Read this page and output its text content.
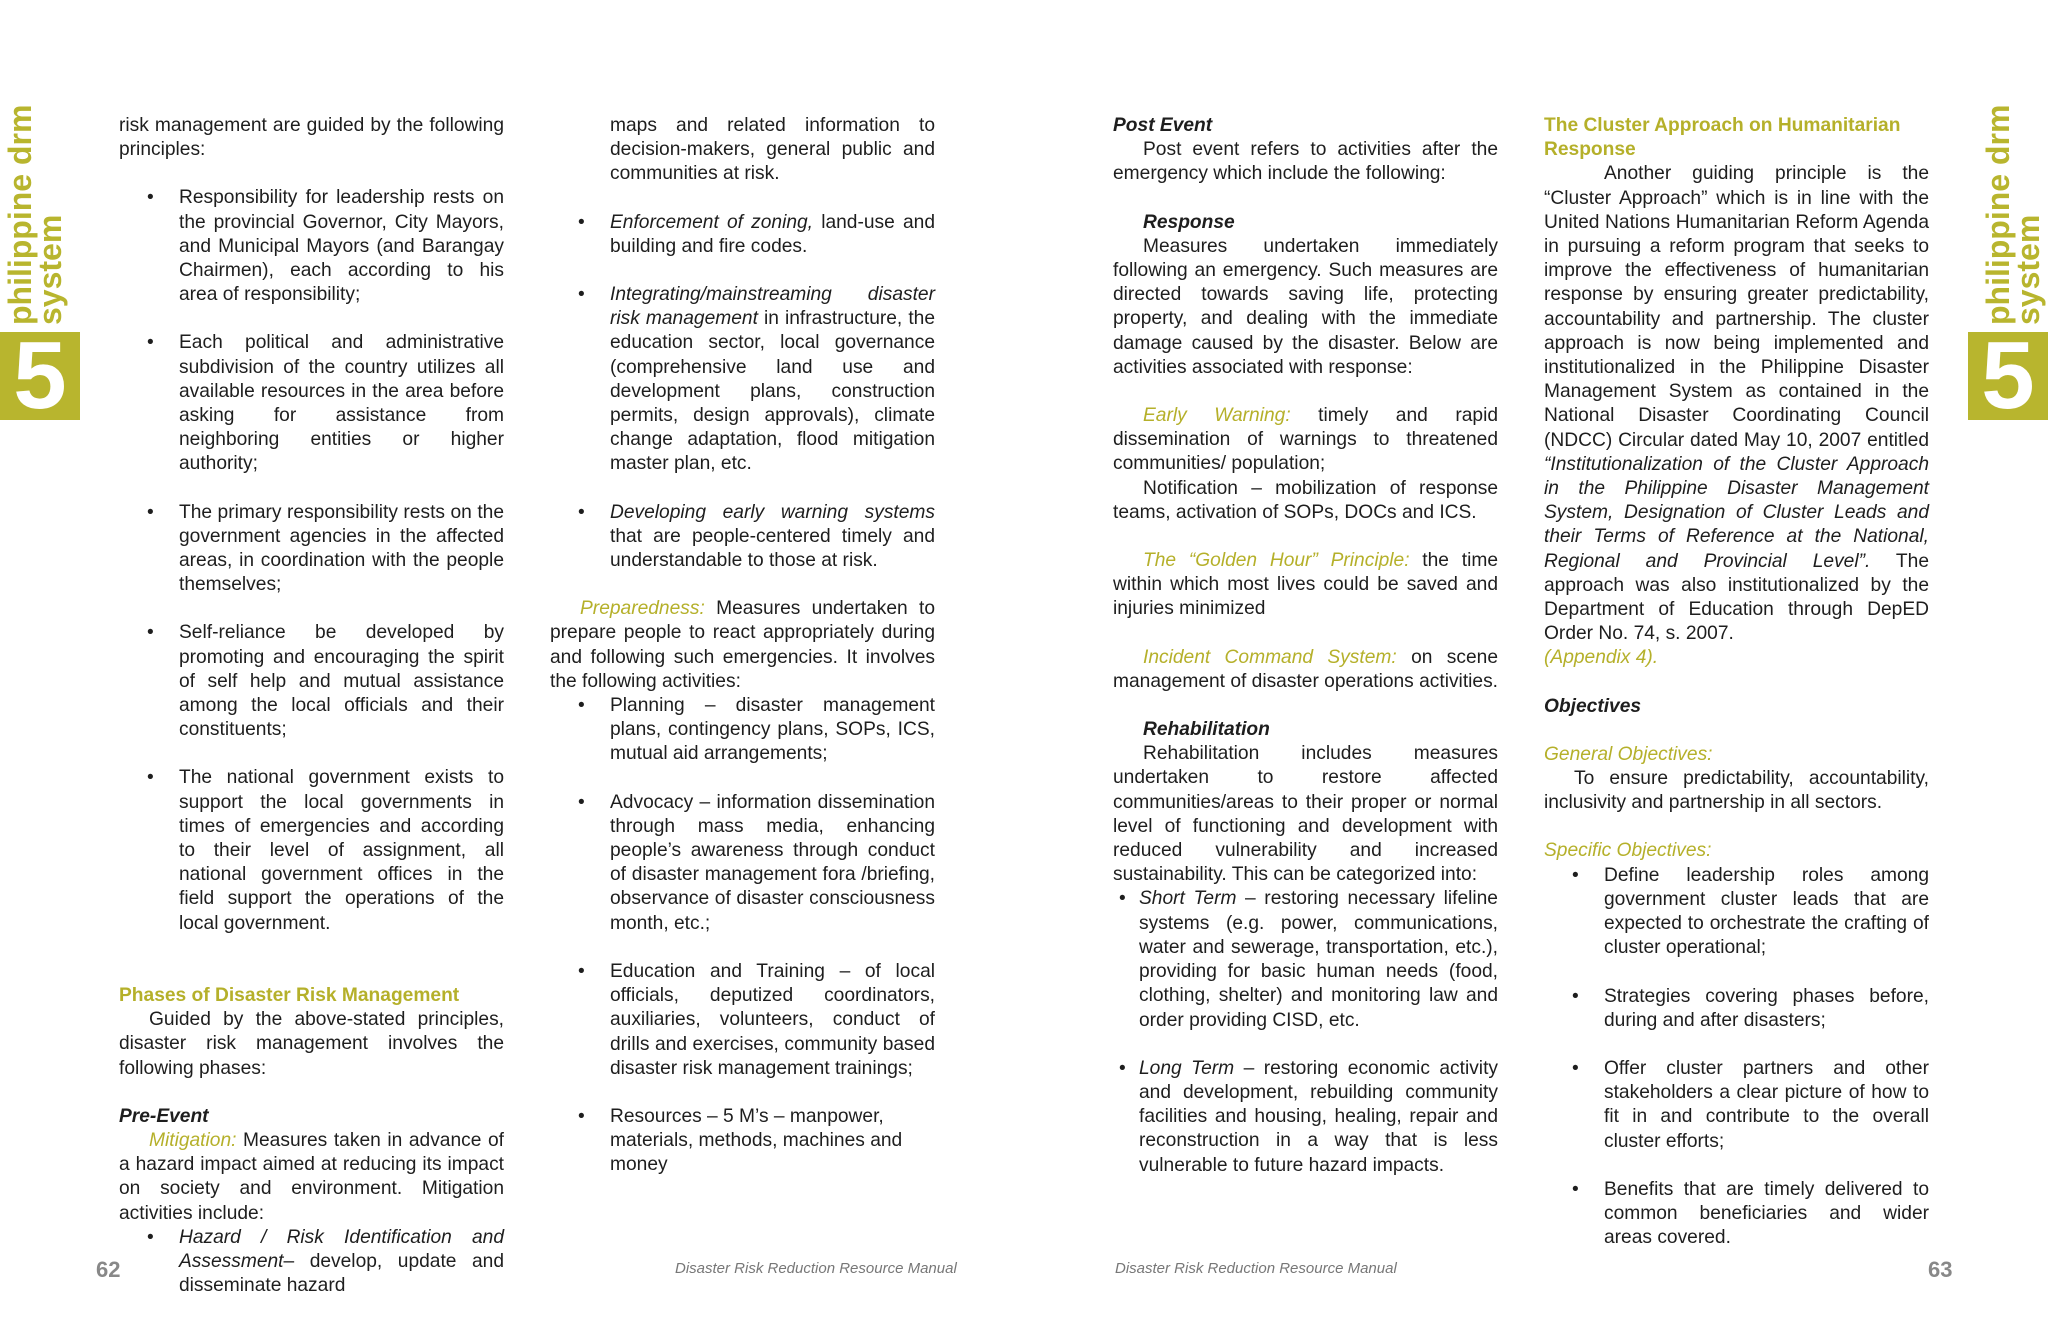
philippine drm
system
5

risk management are guided by the following principles:

•	Responsibility for leadership rests on the provincial Governor, City Mayors, and Municipal Mayors (and Barangay Chairmen), each according to his area of responsibility;
•	Each political and administrative subdivision of the country utilizes all available resources in the area before asking for assistance from neighboring entities or higher authority;
•	The primary responsibility rests on the government agencies in the affected areas, in coordination with the people themselves;
•	Self-reliance be developed by promoting and encouraging the spirit of self help and mutual assistance among the local officials and their constituents;
•	The national government exists to support the local governments in times of emergencies and according to their level of assignment, all national government offices in the field support the operations of the local government.

Phases of Disaster Risk Management

Guided by the above-stated principles, disaster risk management involves the following phases:

Pre-Event

Mitigation: Measures taken in advance of a hazard impact aimed at reducing its impact on society and environment. Mitigation activities include:

•	Hazard / Risk Identification and Assessment– develop, update and disseminate hazard

maps and related information to decision-makers, general public and communities at risk.

•	Enforcement of zoning, land-use and building and fire codes.
•	Integrating/mainstreaming disaster risk management in infrastructure, the education sector, local governance (comprehensive land use and development plans, construction permits, design approvals), climate change adaptation, flood mitigation master plan, etc.
•	Developing early warning systems that are people-centered timely and understandable to those at risk.

Preparedness: Measures undertaken to prepare people to react appropriately during and following such emergencies. It involves the following activities:

•	Planning – disaster management plans, contingency plans, SOPs, ICS, mutual aid arrangements;
•	Advocacy – information dissemination through mass media, enhancing people’s awareness through conduct of disaster management fora /briefing, observance of disaster consciousness month, etc.;
•	Education and Training – of local officials, deputized coordinators, auxiliaries, volunteers, conduct of drills and exercises, community based disaster risk management trainings;
•	Resources – 5 M’s – manpower, materials, methods, machines and money

Post Event

Post event refers to activities after the emergency which include the following:

Response

Measures undertaken immediately following an emergency. Such measures are directed towards saving life, protecting property, and dealing with the immediate damage caused by the disaster. Below are activities associated with response:

Early Warning: timely and rapid dissemination of warnings to threatened communities/ population;

Notification – mobilization of response teams, activation of SOPs, DOCs and ICS.

The “Golden Hour” Principle: the time within which most lives could be saved and injuries minimized

Incident Command System: on scene management of disaster operations activities.

Rehabilitation

Rehabilitation includes measures undertaken to restore affected communities/areas to their proper or normal level of functioning and development with reduced vulnerability and increased sustainability. This can be categorized into:

• Short Term – restoring necessary lifeline systems (e.g. power, communications, water and sewerage, transportation, etc.), providing for basic human needs (food, clothing, shelter) and monitoring law and order providing CISD, etc.
• Long Term – restoring economic activity and development, rebuilding community facilities and housing, healing, repair and reconstruction in a way that is less vulnerable to future hazard impacts.

The Cluster Approach on Humanitarian Response

Another guiding principle is the “Cluster Approach” which is in line with the United Nations Humanitarian Reform Agenda in pursuing a reform program that seeks to improve the effectiveness of humanitarian response by ensuring greater predictability, accountability and partnership. The cluster approach is now being implemented and institutionalized in the Philippine Disaster Management System as contained in the National Disaster Coordinating Council (NDCC) Circular dated May 10, 2007 entitled “Institutionalization of the Cluster Approach in the Philippine Disaster Management System, Designation of Cluster Leads and their Terms of Reference at the National, Regional and Provincial Level”. The approach was also institutionalized by the Department of Education through DepED Order No. 74, s. 2007.

(Appendix 4).

Objectives

General Objectives:

To ensure predictability, accountability, inclusivity and partnership in all sectors.

Specific Objectives:

•	Define leadership roles among government cluster leads that are expected to orchestrate the crafting of cluster operational;
•	Strategies covering phases before, during and after disasters;
•	Offer cluster partners and other stakeholders a clear picture of how to fit in and contribute to the overall cluster efforts;
•	Benefits that are timely delivered to common beneficiaries and wider areas covered.
philippine drm
system
5
62	Disaster Risk Reduction Resource Manual	Disaster Risk Reduction Resource Manual	63
